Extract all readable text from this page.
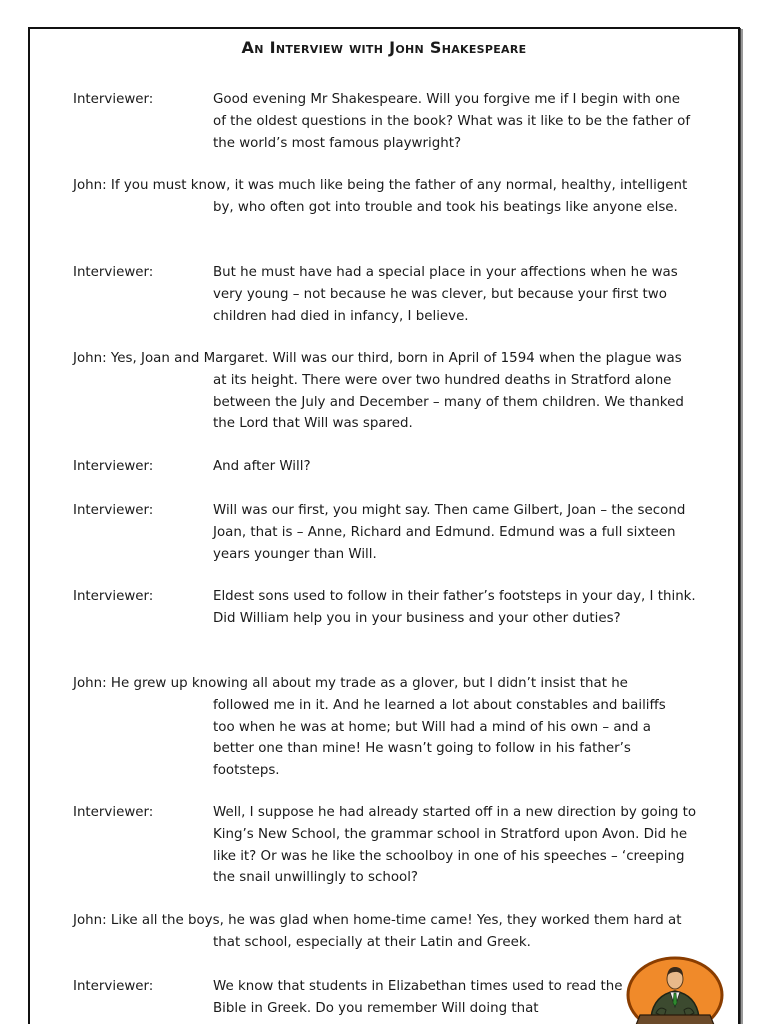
An Interview with John Shakespeare
Interviewer:	Good evening Mr Shakespeare. Will you forgive me if I begin with one of the oldest questions in the book? What was it like to be the father of the world’s most famous playwright?
John: If you must know, it was much like being the father of any normal, healthy, intelligent by, who often got into trouble and took his beatings like anyone else.
Interviewer:	But he must have had a special place in your affections when he was very young – not because he was clever, but because your first two children had died in infancy, I believe.
John: Yes, Joan and Margaret. Will was our third, born in April of 1594 when the plague was at its height. There were over two hundred deaths in Stratford alone between the July and December – many of them children. We thanked the Lord that Will was spared.
Interviewer:	And after Will?
Interviewer:	Will was our first, you might say. Then came Gilbert, Joan – the second Joan, that is – Anne, Richard and Edmund. Edmund was a full sixteen years younger than Will.
Interviewer:	Eldest sons used to follow in their father’s footsteps in your day, I think. Did William help you in your business and your other duties?
John: He grew up knowing all about my trade as a glover, but I didn’t insist that he followed me in it. And he learned a lot about constables and bailiffs too when he was at home; but Will had a mind of his own – and a better one than mine! He wasn’t going to follow in his father’s footsteps.
Interviewer:	Well, I suppose he had already started off in a new direction by going to King’s New School, the grammar school in Stratford upon Avon. Did he like it? Or was he like the schoolboy in one of his speeches – ‘creeping the snail unwillingly to school?
John: Like all the boys, he was glad when home-time came! Yes, they worked them hard at that school, especially at their Latin and Greek.
Interviewer:	We know that students in Elizabethan times used to read the Bible in Greek. Do you remember Will doing that
